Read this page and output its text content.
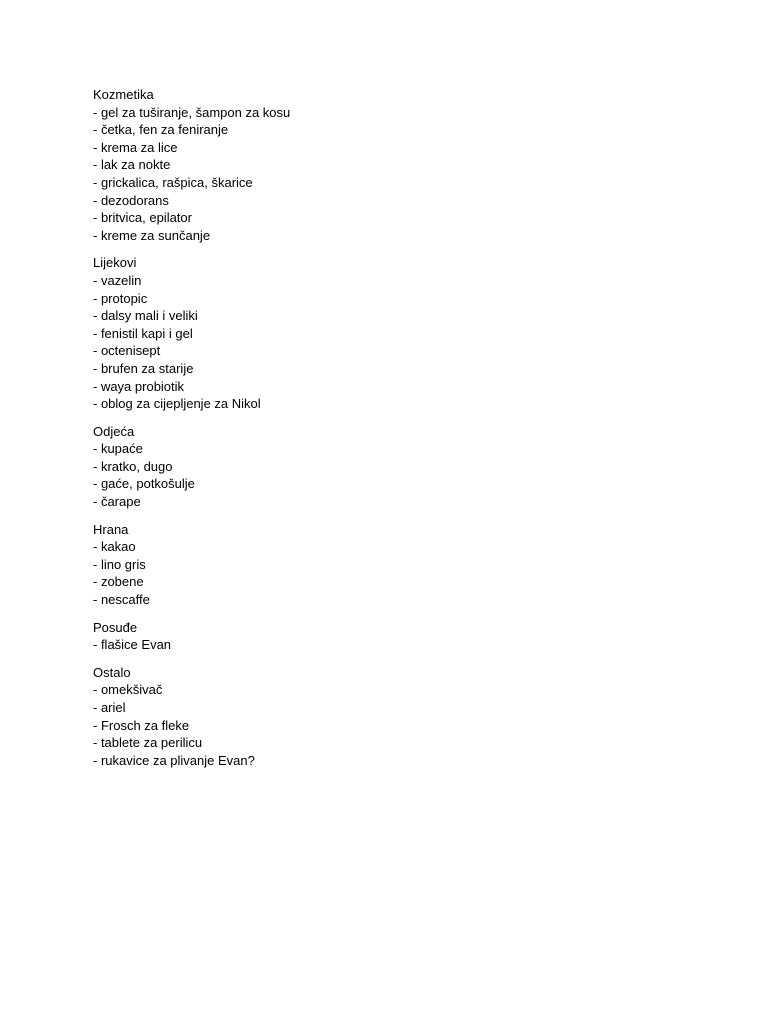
Kozmetika
- gel za tuširanje, šampon za kosu
- četka, fen za feniranje
- krema za lice
- lak za nokte
- grickalica, rašpica, škarice
- dezodorans
- britvica, epilator
- kreme za sunčanje
Lijekovi
- vazelin
- protopic
- dalsy mali i veliki
- fenistil kapi i gel
- octenisept
- brufen za starije
- waya probiotik
- oblog za cijepljenje za Nikol
Odjeća
- kupaće
- kratko, dugo
- gaće, potkošulje
- čarape
Hrana
- kakao
- lino gris
- zobene
- nescaffe
Posuđe
- flašice Evan
Ostalo
- omekšivač
- ariel
- Frosch za fleke
- tablete za perilicu
- rukavice za plivanje Evan?
